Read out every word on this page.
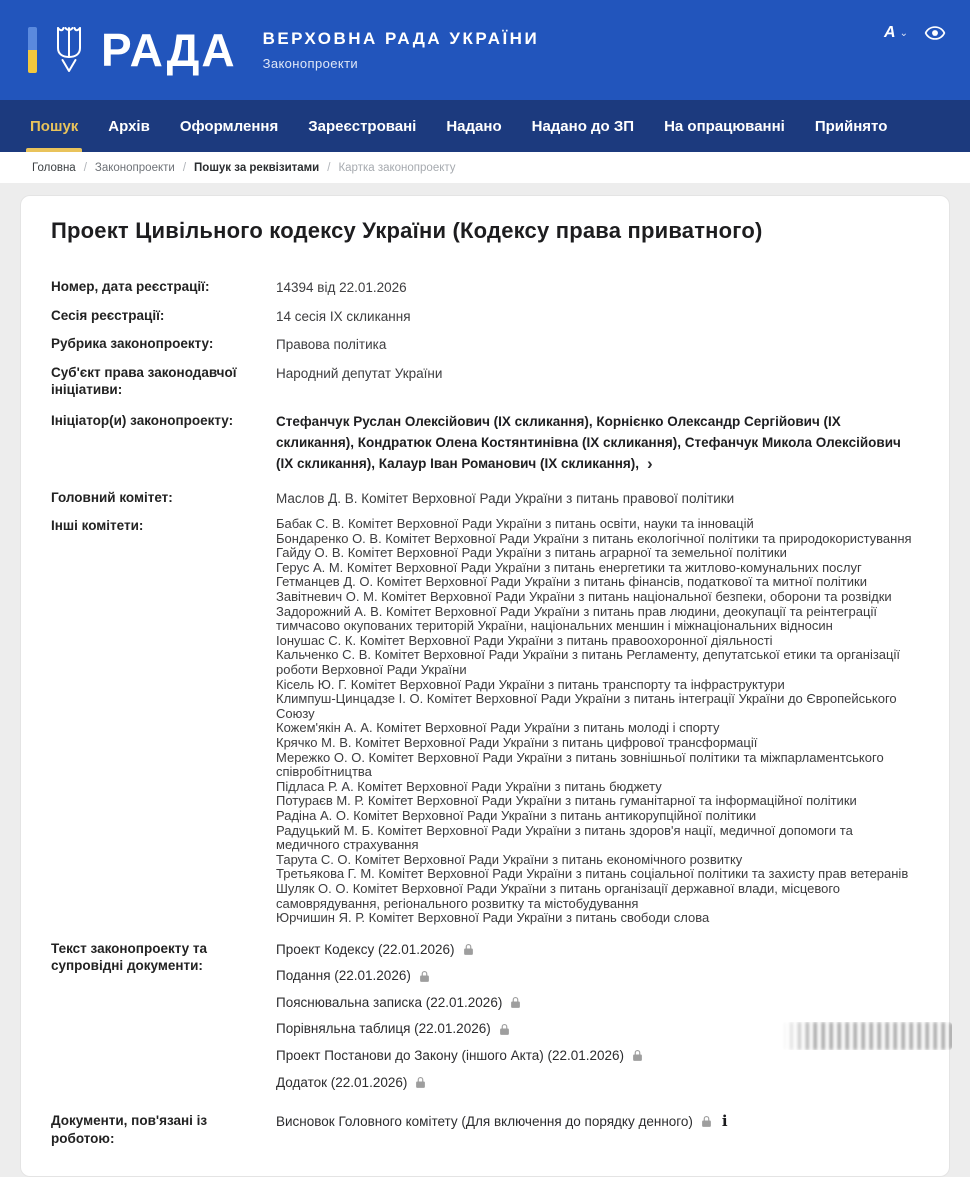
РАДА ВЕРХОВНА РАДА УКРАЇНИ
Законопроекти
A ⌄
Пошук Архів Оформлення Зареєстровані Надано Надано до ЗП На опрацюванні Прийнято
Головна / Законопроекти / Пошук за реквізитами / Картка законопроекту
Проект Цивільного кодексу України (Кодексу права приватного)
Номер, дата реєстрації:	14394 від 22.01.2026
Сесія реєстрації:	14 сесія IX скликання
Рубрика законопроекту:	Правова політика
Суб'єкт права законодавчої ініціативи:
Народний депутат України
Ініціатор(и) законопроекту:	Стефанчук Руслан Олексійович (IX скликання), Корнієнко Олександр Сергійович (IX скликання), Кондратюк Олена Костянтинівна (IX скликання), Стефанчук Микола Олексійович (IX скликання), Калаур Іван Романович (IX скликання), ›
Головний комітет:	Маслов Д. В. Комітет Верховної Ради України з питань правової політики
Інші комітети:	Бабак С. В. Комітет Верховної Ради України з питань освіти, науки та інновацій
Бондаренко О. В. Комітет Верховної Ради України з питань екологічної політики та природокористування
Гайду О. В. Комітет Верховної Ради України з питань аграрної та земельної політики
Герус А. М. Комітет Верховної Ради України з питань енергетики та житлово-комунальних послуг
Гетманцев Д. О. Комітет Верховної Ради України з питань фінансів, податкової та митної політики
Завітневич О. М. Комітет Верховної Ради України з питань національної безпеки, оборони та розвідки
Задорожний А. В. Комітет Верховної Ради України з питань прав людини, деокупації та реінтеграції тимчасово окупованих територій України, національних меншин і міжнаціональних відносин
Іонушас С. К. Комітет Верховної Ради України з питань правоохоронної діяльності
Кальченко С. В. Комітет Верховної Ради України з питань Регламенту, депутатської етики та організації роботи Верховної Ради України
Кісель Ю. Г. Комітет Верховної Ради України з питань транспорту та інфраструктури
Климпуш-Цинцадзе І. О. Комітет Верховної Ради України з питань інтеграції України до Європейського Союзу
Кожем'якін А. А. Комітет Верховної Ради України з питань молоді і спорту
Крячко М. В. Комітет Верховної Ради України з питань цифрової трансформації
Мережко О. О. Комітет Верховної Ради України з питань зовнішньої політики та міжпарламентського співробітництва
Підласа Р. А. Комітет Верховної Ради України з питань бюджету
Потураєв М. Р. Комітет Верховної Ради України з питань гуманітарної та інформаційної політики
Радіна А. О. Комітет Верховної Ради України з питань антикорупційної політики
Радуцький М. Б. Комітет Верховної Ради України з питань здоров'я нації, медичної допомоги та медичного страхування
Тарута С. О. Комітет Верховної Ради України з питань економічного розвитку
Третьякова Г. М. Комітет Верховної Ради України з питань соціальної політики та захисту прав ветеранів
Шуляк О. О. Комітет Верховної Ради України з питань організації державної влади, місцевого самоврядування, регіонального розвитку та містобудування
Юрчишин Я. Р. Комітет Верховної Ради України з питань свободи слова
Текст законопроекту та супровідні документи:
Проект Кодексу (22.01.2026)
Подання (22.01.2026)
Пояснювальна записка (22.01.2026)
Порівняльна таблиця (22.01.2026)
Проект Постанови до Закону (іншого Акта) (22.01.2026)
Додаток (22.01.2026)
Документи, пов'язані із роботою:
Висновок Головного комітету (Для включення до порядку денного) i
